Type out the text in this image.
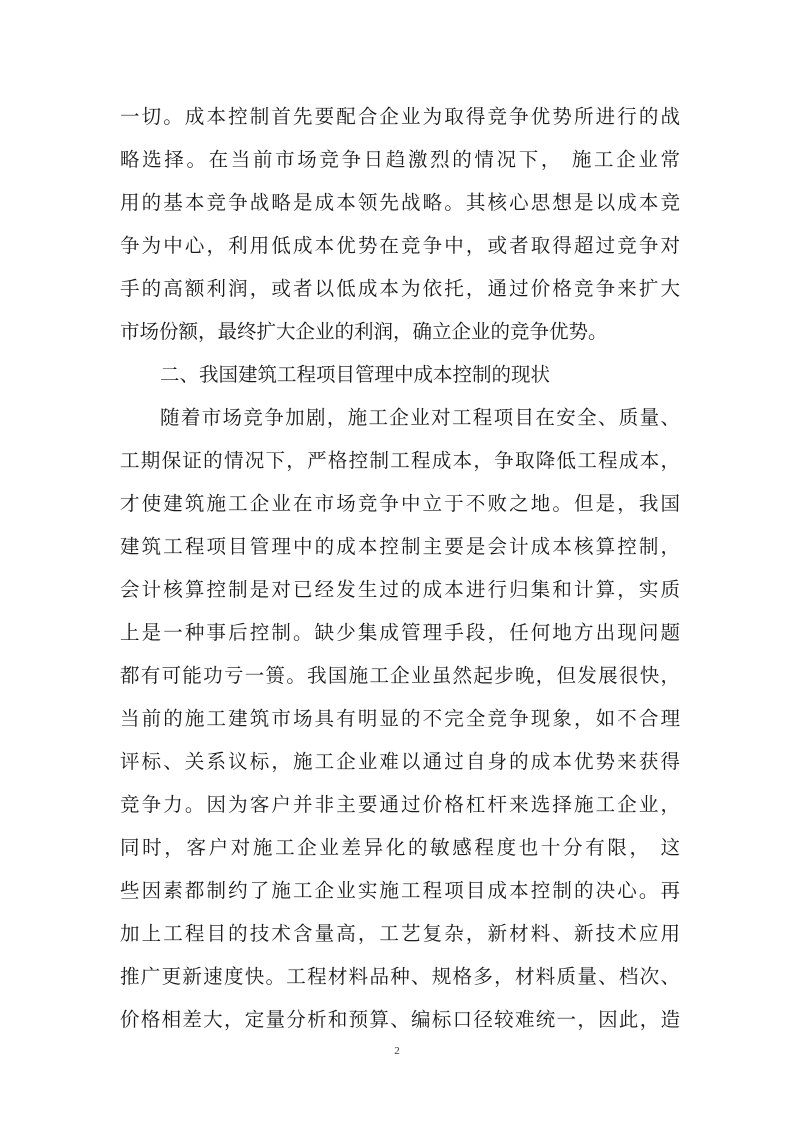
一切。成本控制首先要配合企业为取得竞争优势所进行的战
略选择。在当前市场竞争日趋激烈的情况下， 施工企业常
用的基本竞争战略是成本领先战略。其核心思想是以成本竞
争为中心，利用低成本优势在竞争中，或者取得超过竞争对
手的高额利润，或者以低成本为依托，通过价格竞争来扩大
市场份额，最终扩大企业的利润，确立企业的竞争优势。
二、我国建筑工程项目管理中成本控制的现状
随着市场竞争加剧，施工企业对工程项目在安全、质量、
工期保证的情况下，严格控制工程成本，争取降低工程成本，
才使建筑施工企业在市场竞争中立于不败之地。但是，我国
建筑工程项目管理中的成本控制主要是会计成本核算控制，
会计核算控制是对已经发生过的成本进行归集和计算，实质
上是一种事后控制。缺少集成管理手段，任何地方出现问题
都有可能功亏一篑。我国施工企业虽然起步晚，但发展很快，
当前的施工建筑市场具有明显的不完全竞争现象，如不合理
评标、关系议标，施工企业难以通过自身的成本优势来获得
竞争力。因为客户并非主要通过价格杠杆来选择施工企业，
同时，客户对施工企业差异化的敏感程度也十分有限， 这
些因素都制约了施工企业实施工程项目成本控制的决心。再
加上工程目的技术含量高，工艺复杂，新材料、新技术应用
推广更新速度快。工程材料品种、规格多，材料质量、档次、
价格相差大，定量分析和预算、编标口径较难统一，因此，造
2
